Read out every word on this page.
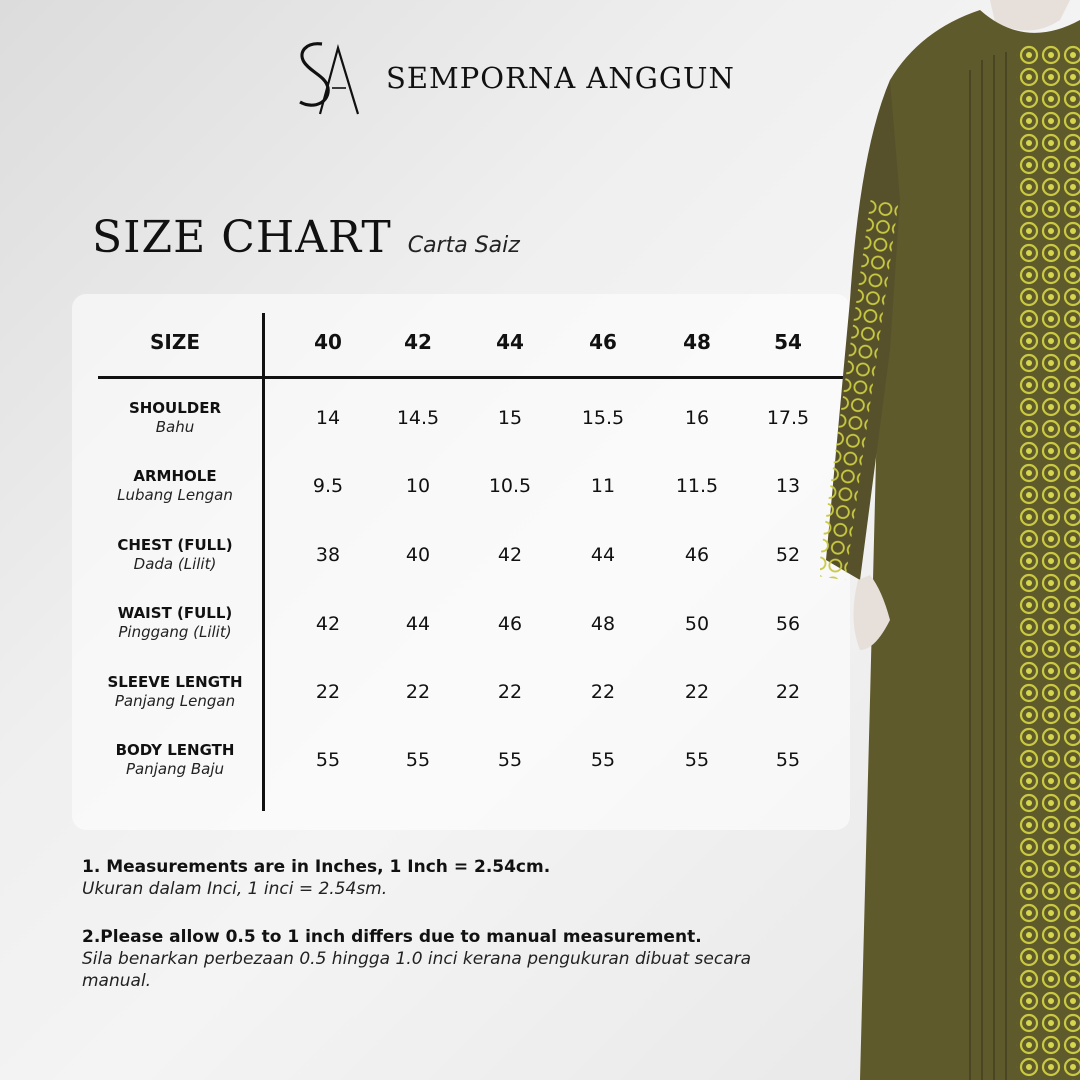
SEMPORNA ANGGUN
SIZE CHART Carta Saiz
SIZE	40	42	44	46	48	54
SHOULDER
Bahu	14	14.5	15	15.5	16	17.5
ARMHOLE
Lubang Lengan	9.5	10	10.5	11	11.5	13
CHEST (FULL)
Dada (Lilit)	38	40	42	44	46	52
WAIST (FULL)
Pinggang (Lilit)	42	44	46	48	50	56
SLEEVE LENGTH
Panjang Lengan	22	22	22	22	22	22
BODY LENGTH
Panjang Baju	55	55	55	55	55	55
1. Measurements are in Inches, 1 Inch = 2.54cm.
Ukuran dalam Inci, 1 inci = 2.54sm.
2.Please allow 0.5 to 1 inch differs due to manual measurement.
Sila benarkan perbezaan 0.5 hingga 1.0 inci kerana pengukuran dibuat secara manual.
